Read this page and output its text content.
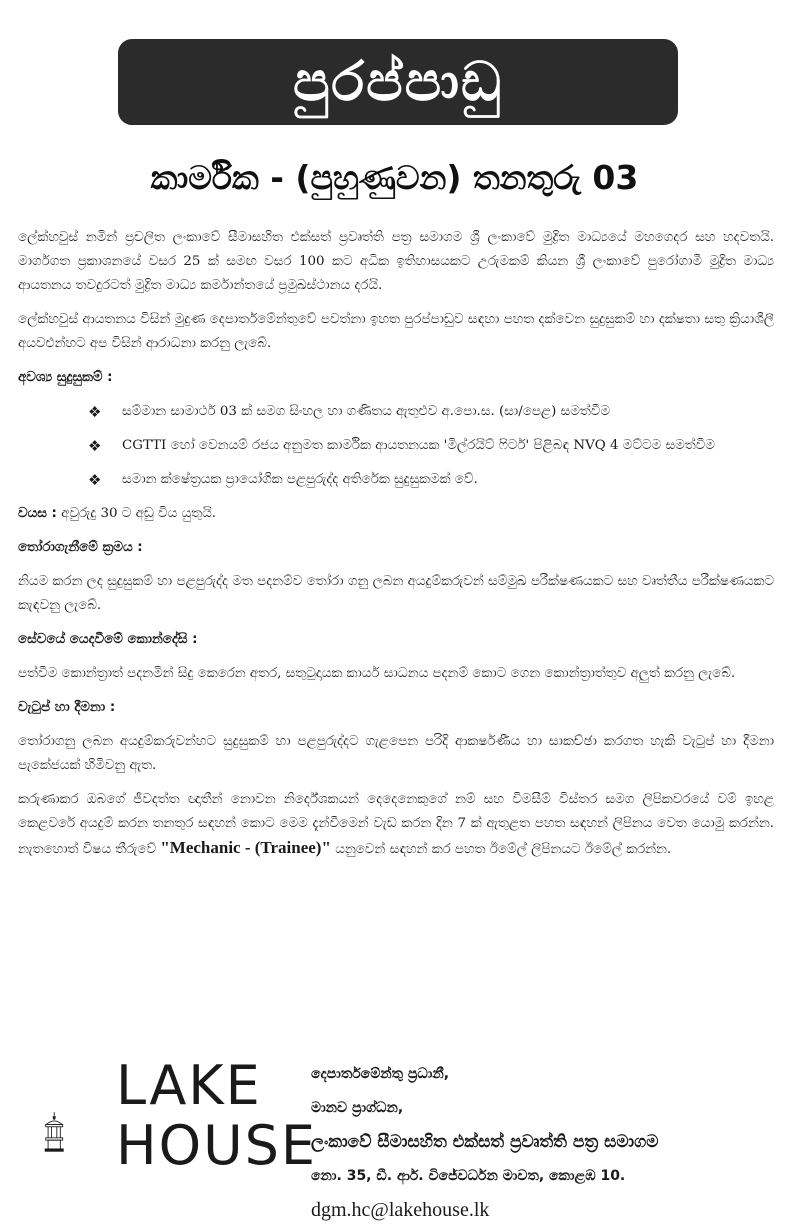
පුරප්පාඩු
කාර්මික - (පුහුණුවන) තනතුරු 03

ලේක්හවුස් නමින් ප්‍රචලිත ලංකාවේ සීමාසහිත එක්සත් ප්‍රවෘත්ති පත්‍ර සමාගම ශ්‍රී ලංකාවේ මුද්‍රිත මාධ්‍යයේ මහගෙදර සහ හදවතයි. මාර්ගගත ප්‍රකාශනයේ වසර 25 ක් සමඟ වසර 100 කට අධික ඉතිහාසයකට උරුමකම් කියන ශ්‍රී ලංකාවේ පුරෝගාමී මුද්‍රිත මාධ්‍ය ආයතනය තවදුරටත් මුද්‍රිත මාධ්‍ය කර්මාන්තයේ ප්‍රමුඛස්ථානය දරයි.

ලේක්හවුස් ආයතනය විසින් මුදුණ දෙපාර්තමේන්තුවේ පවත්නා ඉහත පුරප්පාඩුව සඳහා පහත දක්වෙන සුදුසුකම් හා දක්ෂතා සතු ක්‍රියාශීලී අයවළුන්හට අප විසින් ආරාධනා කරනු ලැබේ.

අවශ්‍ය සුදුසුකම් :
❖ සම්මාන සාමාර්ථ 03 ක් සමග සිංහල හා ගණිතය ඇතුළුව අ.පො.ස. (සා/පෙළ) සමත්වීම
❖ CGTTI හෝ වෙනයම් රජය අනුමත කාර්මික ආයතනයක 'මිල්රයිට් ෆිටර්' පිළිබඳ NVQ 4 මට්ටම සමත්වීම
❖ සමාන ක්ෂේත්‍රයක ප්‍රායෝගික පළපුරුද්ද අතිරේක සුදුසුකමක් වේ.

වයස : අවුරුදු 30 ට අඩු විය යුතුයි.

තෝරාගැනීමේ ක්‍රමය :

නියම කරන ලද සුදුසුකම් හා පළපුරුද්ද මත පදනම්ව තෝරා ගනු ලබන අයදුම්කරුවන් සම්මුඛ පරීක්ෂණයකට සහ වෘත්තීය පරීක්ෂණයකට කැඳවනු ලැබේ.

සේවයේ යෙදවීමේ කොන්දේසි :

පත්වීම කොන්ත්‍රාත් පදනමින් සිදු කෙරෙන අතර, සතුටුදායක කාර්ය සාධනය පදනම් කොට ගෙන කොන්ත්‍රාත්තුව අලුත් කරනු ලැබේ.

වැටුප් හා දීමනා :

තෝරාගනු ලබන අයදුම්කරුවන්හට සුදුසුකම් හා පළපුරුද්දට ගැළපෙන පරිදි ආකර්ෂණීය හා සාකච්ඡා කරගත හැකි වැටුප් හා දීමනා පැකේජයක් හිමිවනු ඇත.

කරුණාකර ඔබගේ ජීවදත්ත ඥාතීන් නොවන නිර්දේශකයන් දෙදෙනෙකුගේ නම් සහ විමසීම් විස්තර සමග ලිපිකවරයේ වම් ඉහළ කෙළවරේ අයදුම් කරන තනතුර සඳහන් කොට මෙම දැන්වීමෙන් වැඩ කරන දින 7 ක් ඇතුළත පහත සඳහන් ලිපිනය වෙත යොමු කරන්න. නැතහොත් විෂය තීරුවේ "Mechanic - (Trainee)" යනුවෙන් සඳහන් කර පහත ඊමේල් ලිපිනයට ඊමේල් කරන්න.

LAKE
HOUSE
දෙපාර්තමේන්තු ප්‍රධානී,
මානව ප්‍රාග්ධන,
ලංකාවේ සීමාසහිත එක්සත් ප්‍රවෘත්ති පත්‍ර සමාගම
නො. 35, ඩී. ආර්. විජේවර්ධන මාවත, කොළඹ 10.
dgm.hc@lakehouse.lk
